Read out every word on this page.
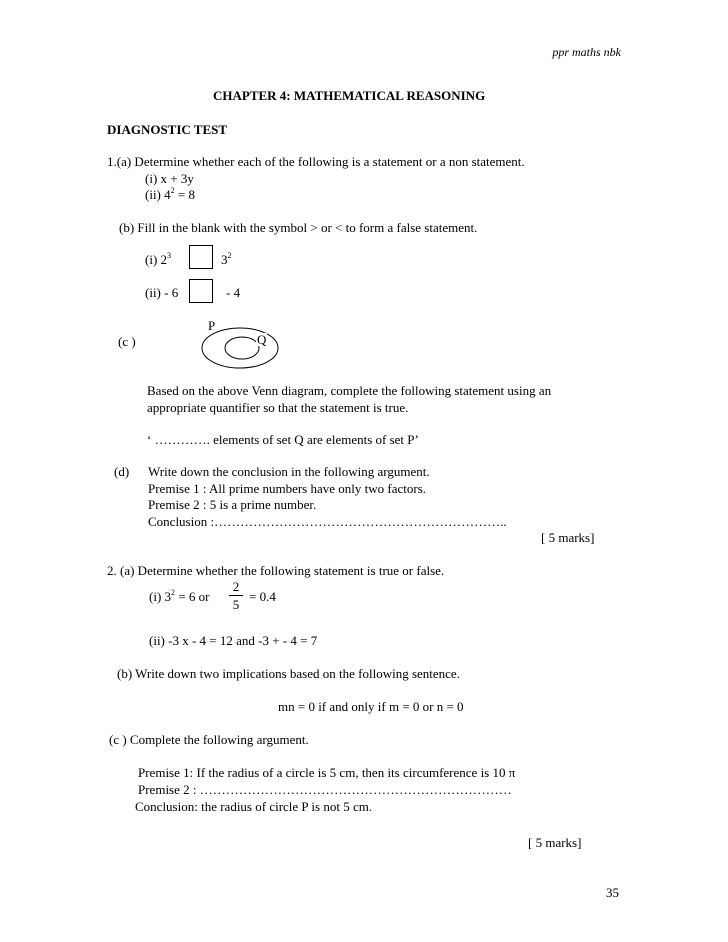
ppr maths nbk
CHAPTER 4: MATHEMATICAL REASONING
DIAGNOSTIC TEST
1.(a) Determine whether each of the following is a statement or a non statement.
(i) x + 3y
(ii) $4^2 = 8$
(b) Fill in the blank with the symbol > or < to form a false statement.
(i) $2^3$	$3^2$
(ii) - 6	- 4
(c )
P
Q
Based on the above Venn diagram, complete the following statement using an
appropriate quantifier so that the statement is true.
‘ …………. elements of set Q are elements of set P’
(d) Write down the conclusion in the following argument.
Premise 1 : All prime numbers have only two factors.
Premise 2 : 5 is a prime number.
Conclusion :…………………………………………………………..
[ 5 marks]
2. (a) Determine whether the following statement is true or false.
(i) $3^2 = 6$ or
2
5
= 0.4
(ii) -3 x - 4 = 12 and -3 + - 4 = 7
(b) Write down two implications based on the following sentence.
mn = 0 if and only if m = 0 or n = 0
(c ) Complete the following argument.
Premise 1: If the radius of a circle is 5 cm, then its circumference is 10 π
Premise 2 : ………………………………………………………………
Conclusion: the radius of circle P is not 5 cm.
[ 5 marks]
35
